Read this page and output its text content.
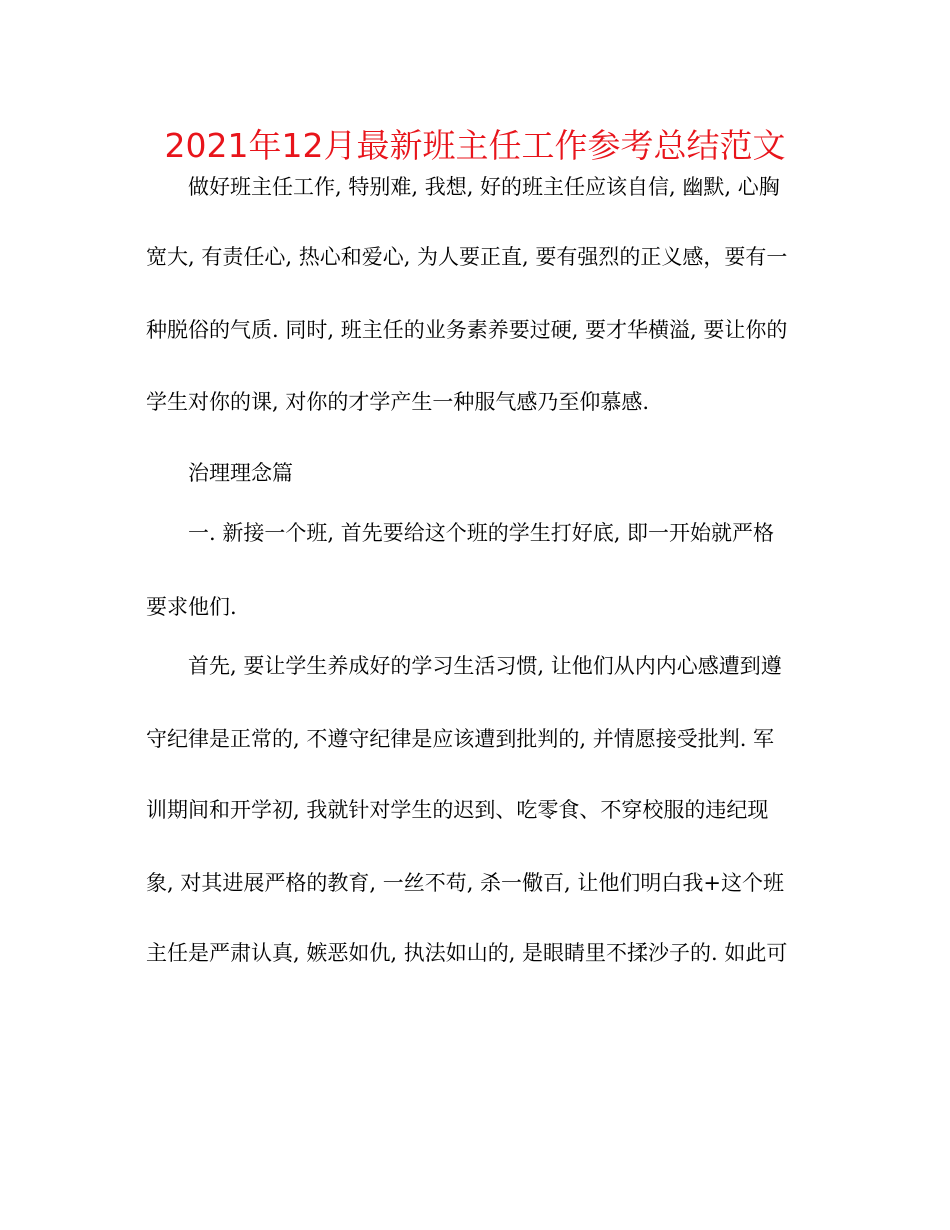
2021年12月最新班主任工作参考总结范文
做好班主任工作, 特别难, 我想, 好的班主任应该自信, 幽默, 心胸
宽大, 有责任心, 热心和爱心, 为人要正直, 要有强烈的正义感，要有一
种脱俗的气质. 同时, 班主任的业务素养要过硬, 要才华横溢, 要让你的
学生对你的课, 对你的才学产生一种服气感乃至仰慕感.
治理理念篇
一. 新接一个班, 首先要给这个班的学生打好底, 即一开始就严格
要求他们.
首先, 要让学生养成好的学习生活习惯, 让他们从内内心感遭到遵
守纪律是正常的, 不遵守纪律是应该遭到批判的, 并情愿接受批判. 军
训期间和开学初, 我就针对学生的迟到、吃零食、不穿校服的违纪现
象, 对其进展严格的教育, 一丝不苟, 杀一儆百, 让他们明白我+这个班
主任是严肃认真, 嫉恶如仇, 执法如山的, 是眼睛里不揉沙子的. 如此可
